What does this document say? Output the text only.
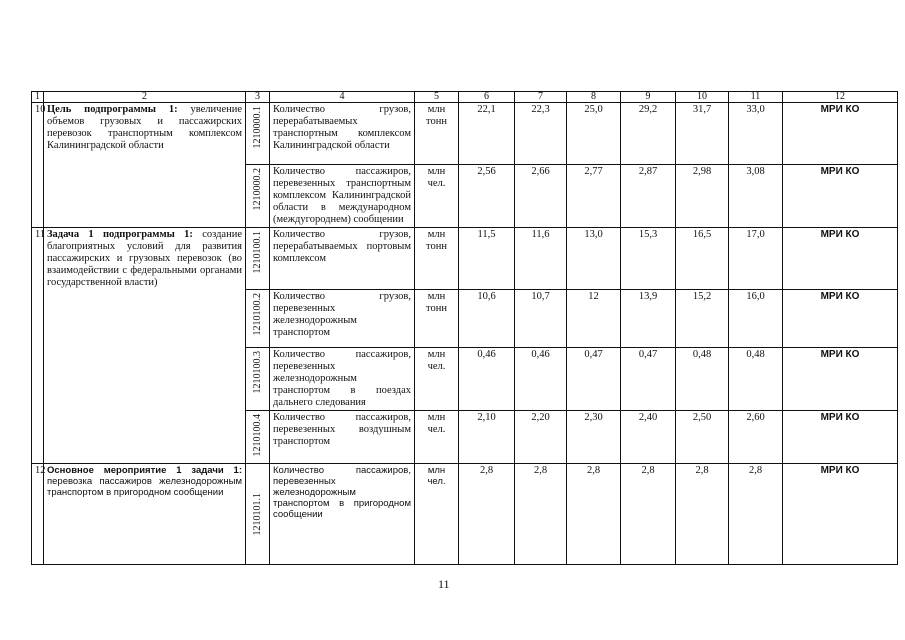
1	2	3	4	5	6	7	8	9	10	11	12
10	Цель подпрограммы 1: увеличение объемов грузовых и пассажирских перевозок транспортным комплексом Калининградской области	1210000.1	Количество грузов, перерабатываемых транспортным комплексом Калининградской области	млн тонн	22,1	22,3	25,0	29,2	31,7	33,0	МРИ КО

		1210000.2	Количество пассажиров, перевезенных транспортным комплексом Калининградской области в международном (междугороднем) сообщении	млн чел.	2,56	2,66	2,77	2,87	2,98	3,08	МРИ КО
11	Задача 1 подпрограммы 1: создание благоприятных условий для развития пассажирских и грузовых перевозок (во взаимодействии с федеральными органами государственной власти)	1210100.1	Количество грузов, перерабатываемых портовым комплексом	млн тонн	11,5	11,6	13,0	15,3	16,5	17,0	МРИ КО

		1210100.2	Количество грузов, перевезенных железнодорожным транспортом	млн тонн	10,6	10,7	12	13,9	15,2	16,0	МРИ КО

		1210100.3	Количество пассажиров, перевезенных железнодорожным транспортом в поездах дальнего следования	млн чел.	0,46	0,46	0,47	0,47	0,48	0,48	МРИ КО

		1210100.4	Количество пассажиров, перевезенных воздушным транспортом	млн чел.	2,10	2,20	2,30	2,40	2,50	2,60	МРИ КО
12	Основное мероприятие 1 задачи 1: перевозка пассажиров железнодорожным транспортом в пригородном сообщении	1210101.1	Количество пассажиров, перевезенных железнодорожным транспортом в пригородном сообщении	млн чел.	2,8	2,8	2,8	2,8	2,8	2,8	МРИ КО
11
